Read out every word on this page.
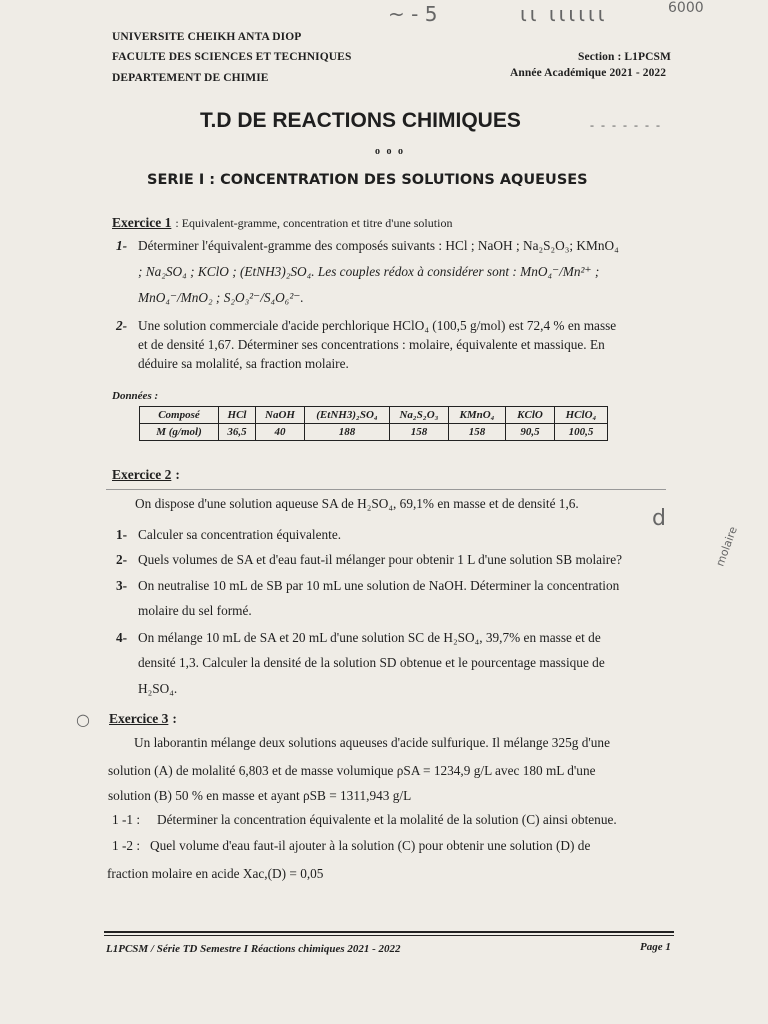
~ ‑ 5	ιι ιιιιιι	6000
UNIVERSITE CHEIKH ANTA DIOP
FACULTE DES SCIENCES ET TECHNIQUES
DEPARTEMENT DE CHIMIE
Section : L1PCSM
Année Académique 2021 - 2022
T.D DE REACTIONS CHIMIQUES	- - - - - - -
o o o
SERIE I : CONCENTRATION DES SOLUTIONS AQUEUSES
Exercice 1 : Equivalent-gramme, concentration et titre d'une solution
1- Déterminer l'équivalent-gramme des composés suivants : HCl ; NaOH ; Na₂S₂O₃; KMnO₄
; Na₂SO₄ ; KClO ; (EtNH3)₂SO₄. Les couples rédox à considérer sont : MnO₄⁻/Mn²⁺ ;
MnO₄⁻/MnO₂ ; S₂O₃²⁻/S₄O₆²⁻.
2- Une solution commerciale d'acide perchlorique HClO₄ (100,5 g/mol) est 72,4 % en masse
et de densité 1,67. Déterminer ses concentrations : molaire, équivalente et massique. En
déduire sa molalité, sa fraction molaire.
Données :
Composé	HCl	NaOH	(EtNH3)₂SO₄	Na₂S₂O₃	KMnO₄	KClO	HClO₄
M (g/mol)	36,5	40	188	158	158	90,5	100,5
Exercice 2 :
On dispose d'une solution aqueuse SA de H₂SO₄, 69,1% en masse et de densité 1,6.
1- Calculer sa concentration équivalente.
2- Quels volumes de SA et d'eau faut-il mélanger pour obtenir 1 L d'une solution SB molaire?
3- On neutralise 10 mL de SB par 10 mL une solution de NaOH. Déterminer la concentration
molaire du sel formé.
4- On mélange 10 mL de SA et 20 mL d'une solution SC de H₂SO₄, 39,7% en masse et de
densité 1,3. Calculer la densité de la solution SD obtenue et le pourcentage massique de
H₂SO₄.
d
molaire
○ Exercice 3 :
Un laborantin mélange deux solutions aqueuses d'acide sulfurique. Il mélange 325g d'une
solution (A) de molalité 6,803 et de masse volumique ρSA = 1234,9 g/L avec 180 mL d'une
solution (B) 50 % en masse et ayant ρSB = 1311,943 g/L
1 -1 : Déterminer la concentration équivalente et la molalité de la solution (C) ainsi obtenue.
1 -2 : Quel volume d'eau faut-il ajouter à la solution (C) pour obtenir une solution (D) de
fraction molaire en acide Xac,(D) = 0,05
L1PCSM / Série TD Semestre I Réactions chimiques 2021 - 2022	Page 1
